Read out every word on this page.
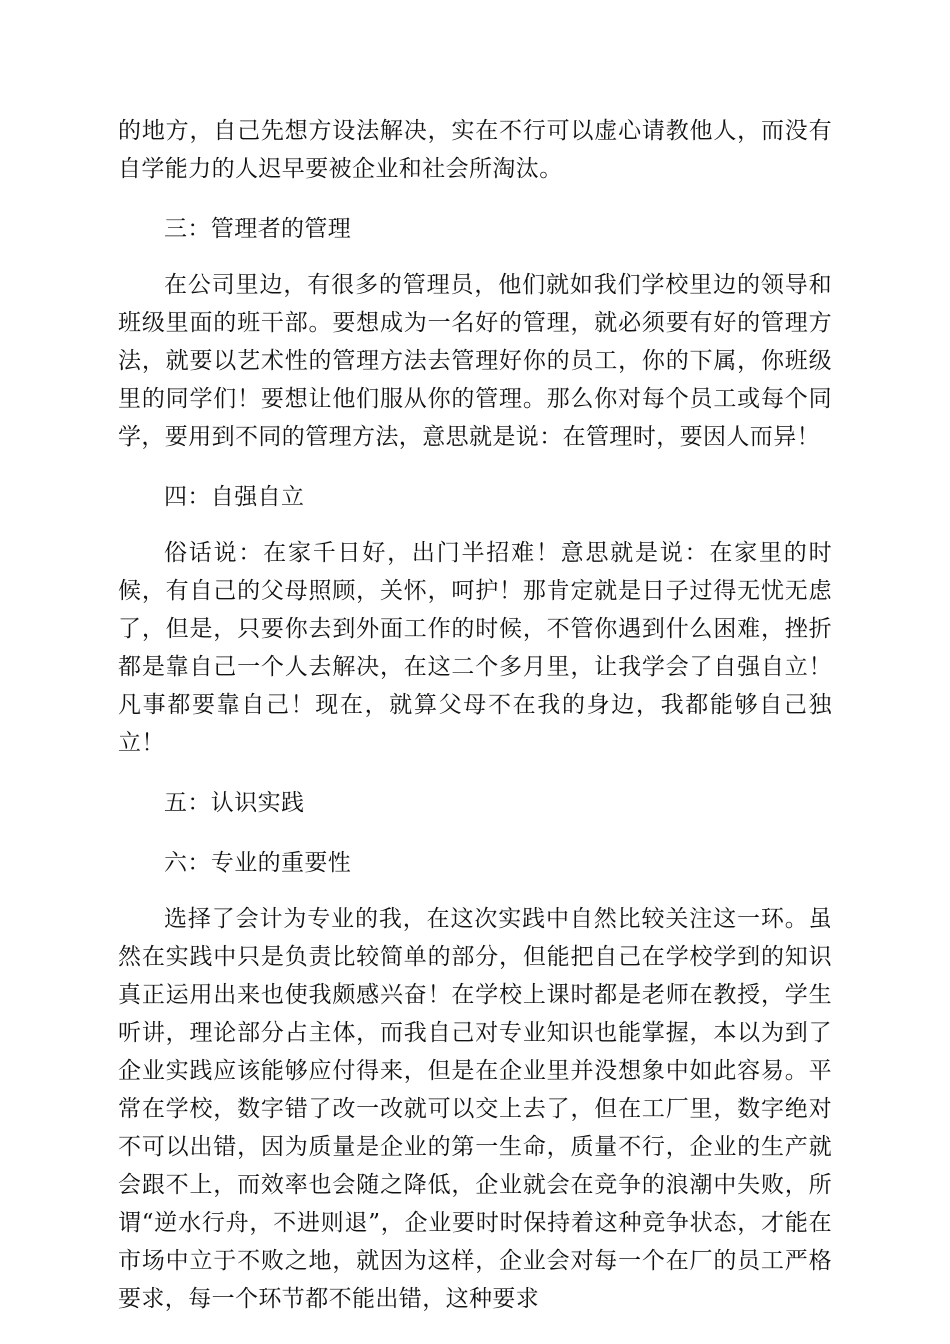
的地方，自己先想方设法解决，实在不行可以虚心请教他人，而没有自学能力的人迟早要被企业和社会所淘汰。

三：管理者的管理

在公司里边，有很多的管理员，他们就如我们学校里边的领导和班级里面的班干部。要想成为一名好的管理，就必须要有好的管理方法，就要以艺术性的管理方法去管理好你的员工，你的下属，你班级里的同学们！要想让他们服从你的管理。那么你对每个员工或每个同学，要用到不同的管理方法，意思就是说：在管理时，要因人而异！

四：自强自立

俗话说：在家千日好，出门半招难！意思就是说：在家里的时候，有自己的父母照顾，关怀，呵护！那肯定就是日子过得无忧无虑了，但是，只要你去到外面工作的时候，不管你遇到什么困难，挫折都是靠自己一个人去解决，在这二个多月里，让我学会了自强自立！凡事都要靠自己！现在，就算父母不在我的身边，我都能够自己独立！

五：认识实践

六：专业的重要性

选择了会计为专业的我，在这次实践中自然比较关注这一环。虽然在实践中只是负责比较简单的部分，但能把自己在学校学到的知识真正运用出来也使我颇感兴奋！在学校上课时都是老师在教授，学生听讲，理论部分占主体，而我自己对专业知识也能掌握，本以为到了企业实践应该能够应付得来，但是在企业里并没想象中如此容易。平常在学校，数字错了改一改就可以交上去了，但在工厂里，数字绝对不可以出错，因为质量是企业的第一生命，质量不行，企业的生产就会跟不上，而效率也会随之降低，企业就会在竞争的浪潮中失败，所谓“逆水行舟，不进则退”，企业要时时保持着这种竞争状态，才能在市场中立于不败之地，就因为这样，企业会对每一个在厂的员工严格要求，每一个环节都不能出错，这种要求
